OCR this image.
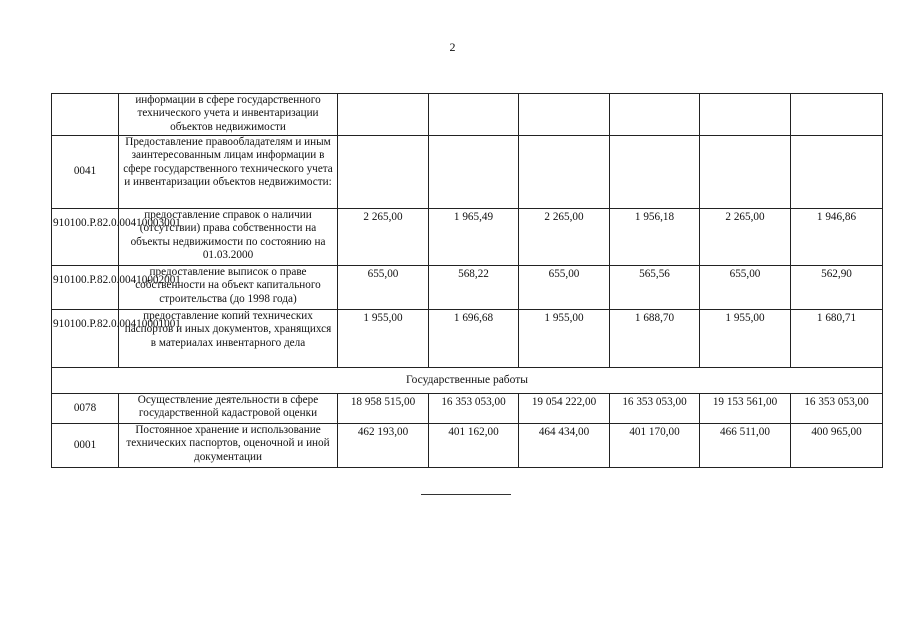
2
	информации в сфере государственного технического учета и инвентаризации объектов недвижимости						
0041	Предоставление правообладателям и иным заинтересованным лицам информации в сфере государственного технического учета и инвентаризации объектов недвижимости:						
910100.Р.82.0.00410003001	предоставление справок о наличии (отсутствии) права собственности на объекты недвижимости по состоянию на 01.03.2000	2 265,00	1 965,49	2 265,00	1 956,18	2 265,00	1 946,86
910100.Р.82.0.00410002001	предоставление выписок о праве собственности на объект капитального строительства (до 1998 года)	655,00	568,22	655,00	565,56	655,00	562,90
910100.Р.82.0.00410001001	предоставление копий технических паспортов и иных документов, хранящихся в материалах инвентарного дела	1 955,00	1 696,68	1 955,00	1 688,70	1 955,00	1 680,71
Государственные работы							
0078	Осуществление деятельности в сфере государственной кадастровой оценки	18 958 515,00	16 353 053,00	19 054 222,00	16 353 053,00	19 153 561,00	16 353 053,00
0001	Постоянное хранение и использование технических паспортов, оценочной и иной документации	462 193,00	401 162,00	464 434,00	401 170,00	466 511,00	400 965,00
